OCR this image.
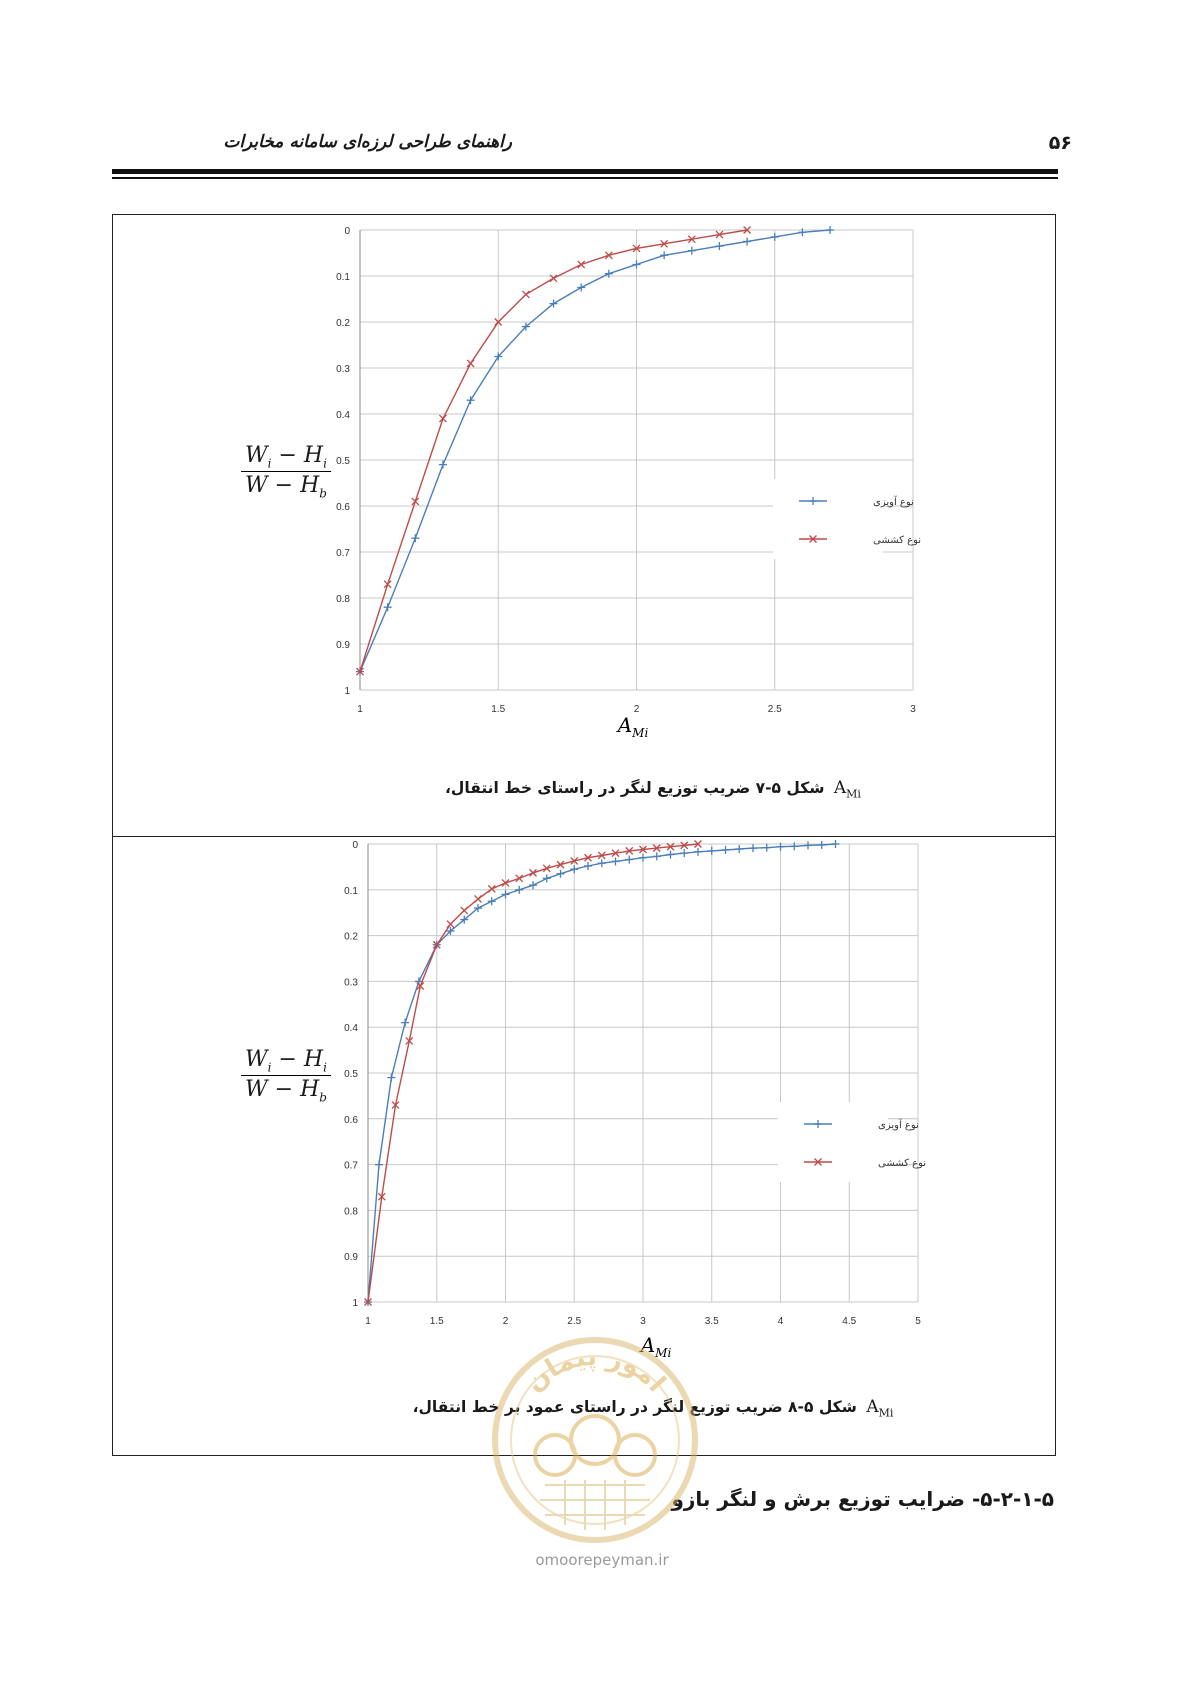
۵۶
راهنمای طراحی لرزه‌ای سامانه مخابرات
0
0.1
0.2
0.3
0.4
0.5
0.6
0.7
0.8
0.9
1
1	1.5	2	2.5	3
نوع آویزی
نوع کششی
$A_{Mi}$
$\frac{W_i - H_i}{W - H_b}$
شکل ۵-۷ ضریب توزیع لنگر در راستای خط انتقال، $A_{Mi}$
0
0.1
0.2
0.3
0.4
0.5
0.6
0.7
0.8
0.9
1
1	1.5	2	2.5	3	3.5	4	4.5	5
نوع آویزی
نوع کششی
$A_{Mi}$
$\frac{W_i - H_i}{W - H_b}$
شکل ۵-۸ ضریب توزیع لنگر در راستای عمود بر خط انتقال، $A_{Mi}$
۵-۲-۱-۵- ضرایب توزیع برش و لنگر بازو
امور پیمان
omoorepeyman.ir
